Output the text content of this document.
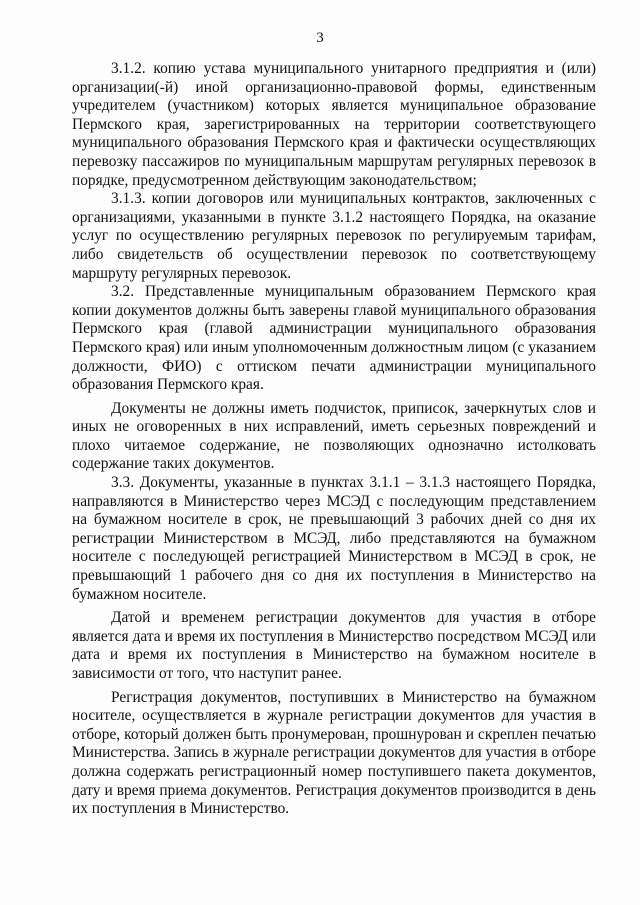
3

3.1.2. копию устава муниципального унитарного предприятия и (или) организации(-й) иной организационно-правовой формы, единственным учредителем (участником) которых является муниципальное образование Пермского края, зарегистрированных на территории соответствующего муниципального образования Пермского края и фактически осуществляющих перевозку пассажиров по муниципальным маршрутам регулярных перевозок в порядке, предусмотренном действующим законодательством;

3.1.3. копии договоров или муниципальных контрактов, заключенных с организациями, указанными в пункте 3.1.2 настоящего Порядка, на оказание услуг по осуществлению регулярных перевозок по регулируемым тарифам, либо свидетельств об осуществлении перевозок по соответствующему маршруту регулярных перевозок.

3.2. Представленные муниципальным образованием Пермского края копии документов должны быть заверены главой муниципального образования Пермского края (главой администрации муниципального образования Пермского края) или иным уполномоченным должностным лицом (с указанием должности, ФИО) с оттиском печати администрации муниципального образования Пермского края.

Документы не должны иметь подчисток, приписок, зачеркнутых слов и иных не оговоренных в них исправлений, иметь серьезных повреждений и плохо читаемое содержание, не позволяющих однозначно истолковать содержание таких документов.

3.3. Документы, указанные в пунктах 3.1.1 – 3.1.3 настоящего Порядка, направляются в Министерство через МСЭД с последующим представлением на бумажном носителе в срок, не превышающий 3 рабочих дней со дня их регистрации Министерством в МСЭД, либо представляются на бумажном носителе с последующей регистрацией Министерством в МСЭД в срок, не превышающий 1 рабочего дня со дня их поступления в Министерство на бумажном носителе.

Датой и временем регистрации документов для участия в отборе является дата и время их поступления в Министерство посредством МСЭД или дата и время их поступления в Министерство на бумажном носителе в зависимости от того, что наступит ранее.

Регистрация документов, поступивших в Министерство на бумажном носителе, осуществляется в журнале регистрации документов для участия в отборе, который должен быть пронумерован, прошнурован и скреплен печатью Министерства. Запись в журнале регистрации документов для участия в отборе должна содержать регистрационный номер поступившего пакета документов, дату и время приема документов. Регистрация документов производится в день их поступления в Министерство.
